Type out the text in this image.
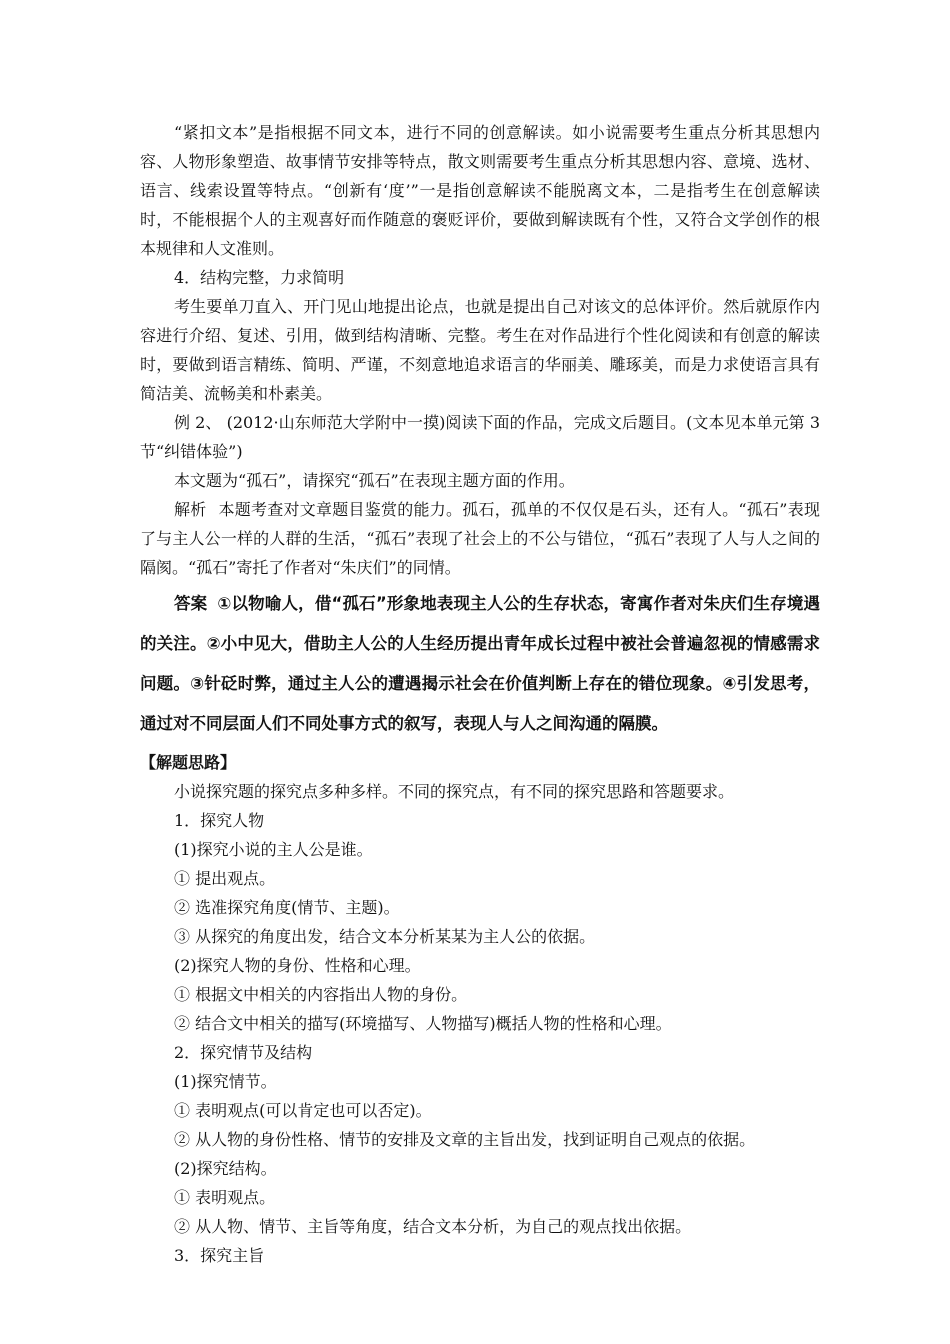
“紧扣文本”是指根据不同文本，进行不同的创意解读。如小说需要考生重点分析其思想内容、人物形象塑造、故事情节安排等特点，散文则需要考生重点分析其思想内容、意境、选材、语言、线索设置等特点。“创新有‘度’”一是指创意解读不能脱离文本，二是指考生在创意解读时，不能根据个人的主观喜好而作随意的褒贬评价，要做到解读既有个性，又符合文学创作的根本规律和人文准则。

4．结构完整，力求简明

考生要单刀直入、开门见山地提出论点，也就是提出自己对该文的总体评价。然后就原作内容进行介绍、复述、引用，做到结构清晰、完整。考生在对作品进行个性化阅读和有创意的解读时，要做到语言精练、简明、严谨，不刻意地追求语言的华丽美、雕琢美，而是力求使语言具有简洁美、流畅美和朴素美。

例 2、 (2012·山东师范大学附中一摸)阅读下面的作品，完成文后题目。(文本见本单元第 3 节“纠错体验”)

本文题为“孤石”，请探究“孤石”在表现主题方面的作用。

解析 本题考查对文章题目鉴赏的能力。孤石，孤单的不仅仅是石头，还有人。“孤石”表现了与主人公一样的人群的生活，“孤石”表现了社会上的不公与错位，“孤石”表现了人与人之间的隔阂。“孤石”寄托了作者对“朱庆们”的同情。

答案 ①以物喻人，借“孤石”形象地表现主人公的生存状态，寄寓作者对朱庆们生存境遇的关注。②小中见大，借助主人公的人生经历提出青年成长过程中被社会普遍忽视的情感需求问题。③针砭时弊，通过主人公的遭遇揭示社会在价值判断上存在的错位现象。④引发思考，通过对不同层面人们不同处事方式的叙写，表现人与人之间沟通的隔膜。

【解题思路】

小说探究题的探究点多种多样。不同的探究点，有不同的探究思路和答题要求。

1．探究人物

(1)探究小说的主人公是谁。

① 提出观点。

② 选准探究角度(情节、主题)。

③ 从探究的角度出发，结合文本分析某某为主人公的依据。

(2)探究人物的身份、性格和心理。

① 根据文中相关的内容指出人物的身份。

② 结合文中相关的描写(环境描写、人物描写)概括人物的性格和心理。

2．探究情节及结构

(1)探究情节。

① 表明观点(可以肯定也可以否定)。

② 从人物的身份性格、情节的安排及文章的主旨出发，找到证明自己观点的依据。

(2)探究结构。

① 表明观点。

② 从人物、情节、主旨等角度，结合文本分析，为自己的观点找出依据。

3．探究主旨
